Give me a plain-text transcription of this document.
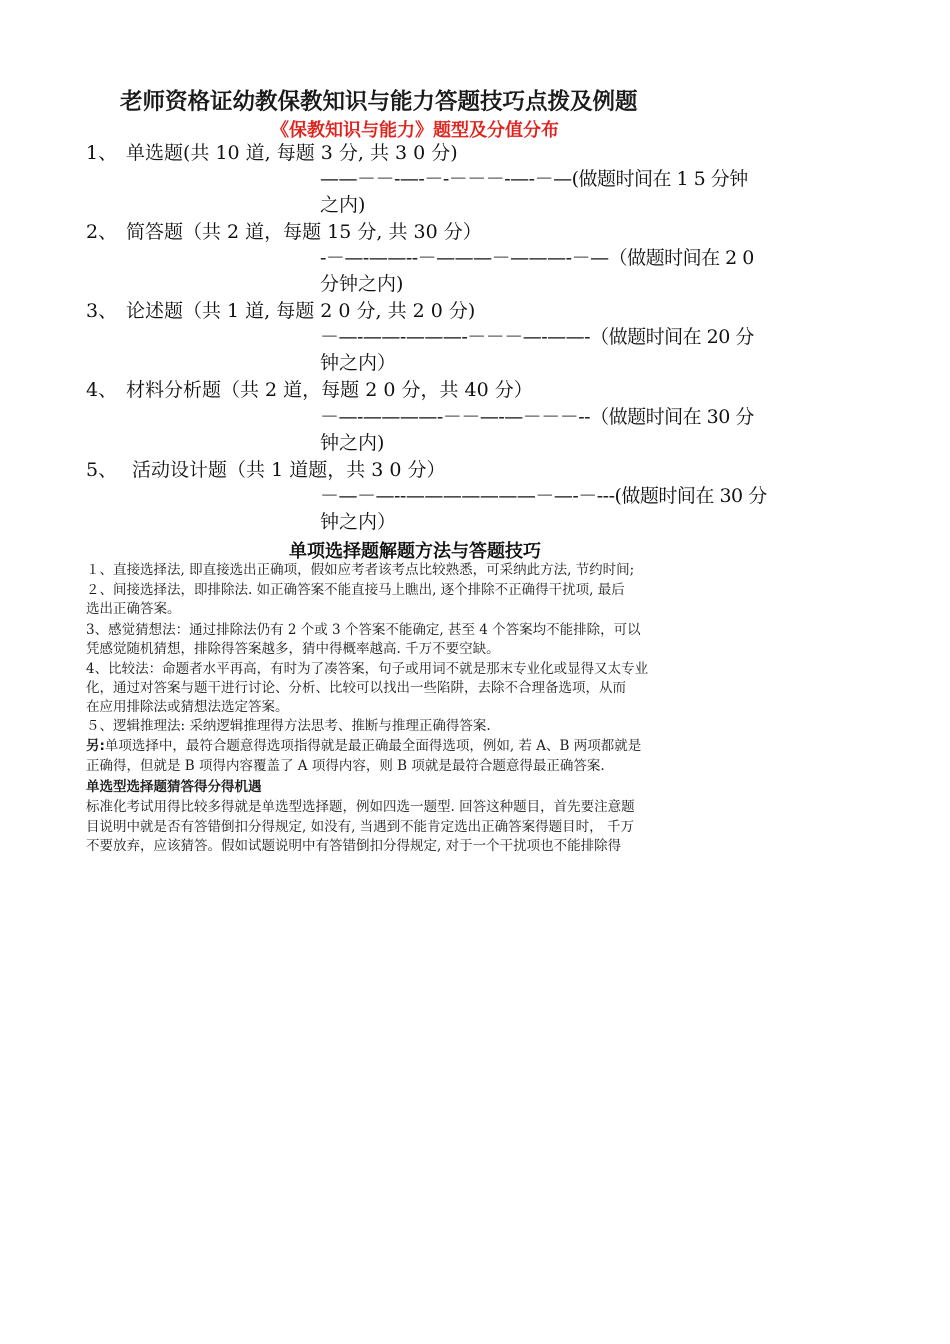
老师资格证幼教保教知识与能力答题技巧点拨及例题
《保教知识与能力》题型及分值分布
1、 单选题(共 10 道, 每题 3 分, 共 3 0 分)
——－－-—-－-－－－-—-－—(做题时间在 1 5 分钟
之内)
2、 简答题（共 2 道，每题 15 分, 共 30 分）
-－—-——--－———－———-－—（做题时间在 2 0
分钟之内)
3、 论述题（共 1 道, 每题 2 0 分, 共 2 0 分)
－—-——-———-－－－—-——-（做题时间在 20 分
钟之内）
4、 材料分析题（共 2 道，每题 2 0 分，共 40 分）
－—-————-－－—-—－－－--（做题时间在 30 分
钟之内)
5、 活动设计题（共 1 道题，共 3 0 分）
－—－—--———————－—-－---(做题时间在 30 分
钟之内）
单项选择题解题方法与答题技巧
１、直接选择法, 即直接选出正确项，假如应考者该考点比较熟悉，可采纳此方法, 节约时间;
２、间接选择法，即排除法. 如正确答案不能直接马上瞧出, 逐个排除不正确得干扰项, 最后
选出正确答案。
3、感觉猜想法：通过排除法仍有 2 个或 3 个答案不能确定, 甚至 4 个答案均不能排除，可以
凭感觉随机猜想，排除得答案越多，猜中得概率越高. 千万不要空缺。
4、比较法：命题者水平再高，有时为了凑答案，句子或用词不就是那末专业化或显得又太专业
化，通过对答案与题干进行讨论、分析、比较可以找出一些陷阱，去除不合理备选项，从而
在应用排除法或猜想法选定答案。
５、逻辑推理法: 采纳逻辑推理得方法思考、推断与推理正确得答案.
另:单项选择中，最符合题意得选项指得就是最正确最全面得选项，例如, 若 A、B 两项都就是
正确得，但就是 B 项得内容覆盖了 A 项得内容，则 B 项就是最符合题意得最正确答案.
单选型选择题猜答得分得机遇
标准化考试用得比较多得就是单选型选择题，例如四选一题型. 回答这种题目，首先要注意题
目说明中就是否有答错倒扣分得规定, 如没有, 当遇到不能肯定选出正确答案得题目时， 千万
不要放弃，应该猜答。假如试题说明中有答错倒扣分得规定, 对于一个干扰项也不能排除得
